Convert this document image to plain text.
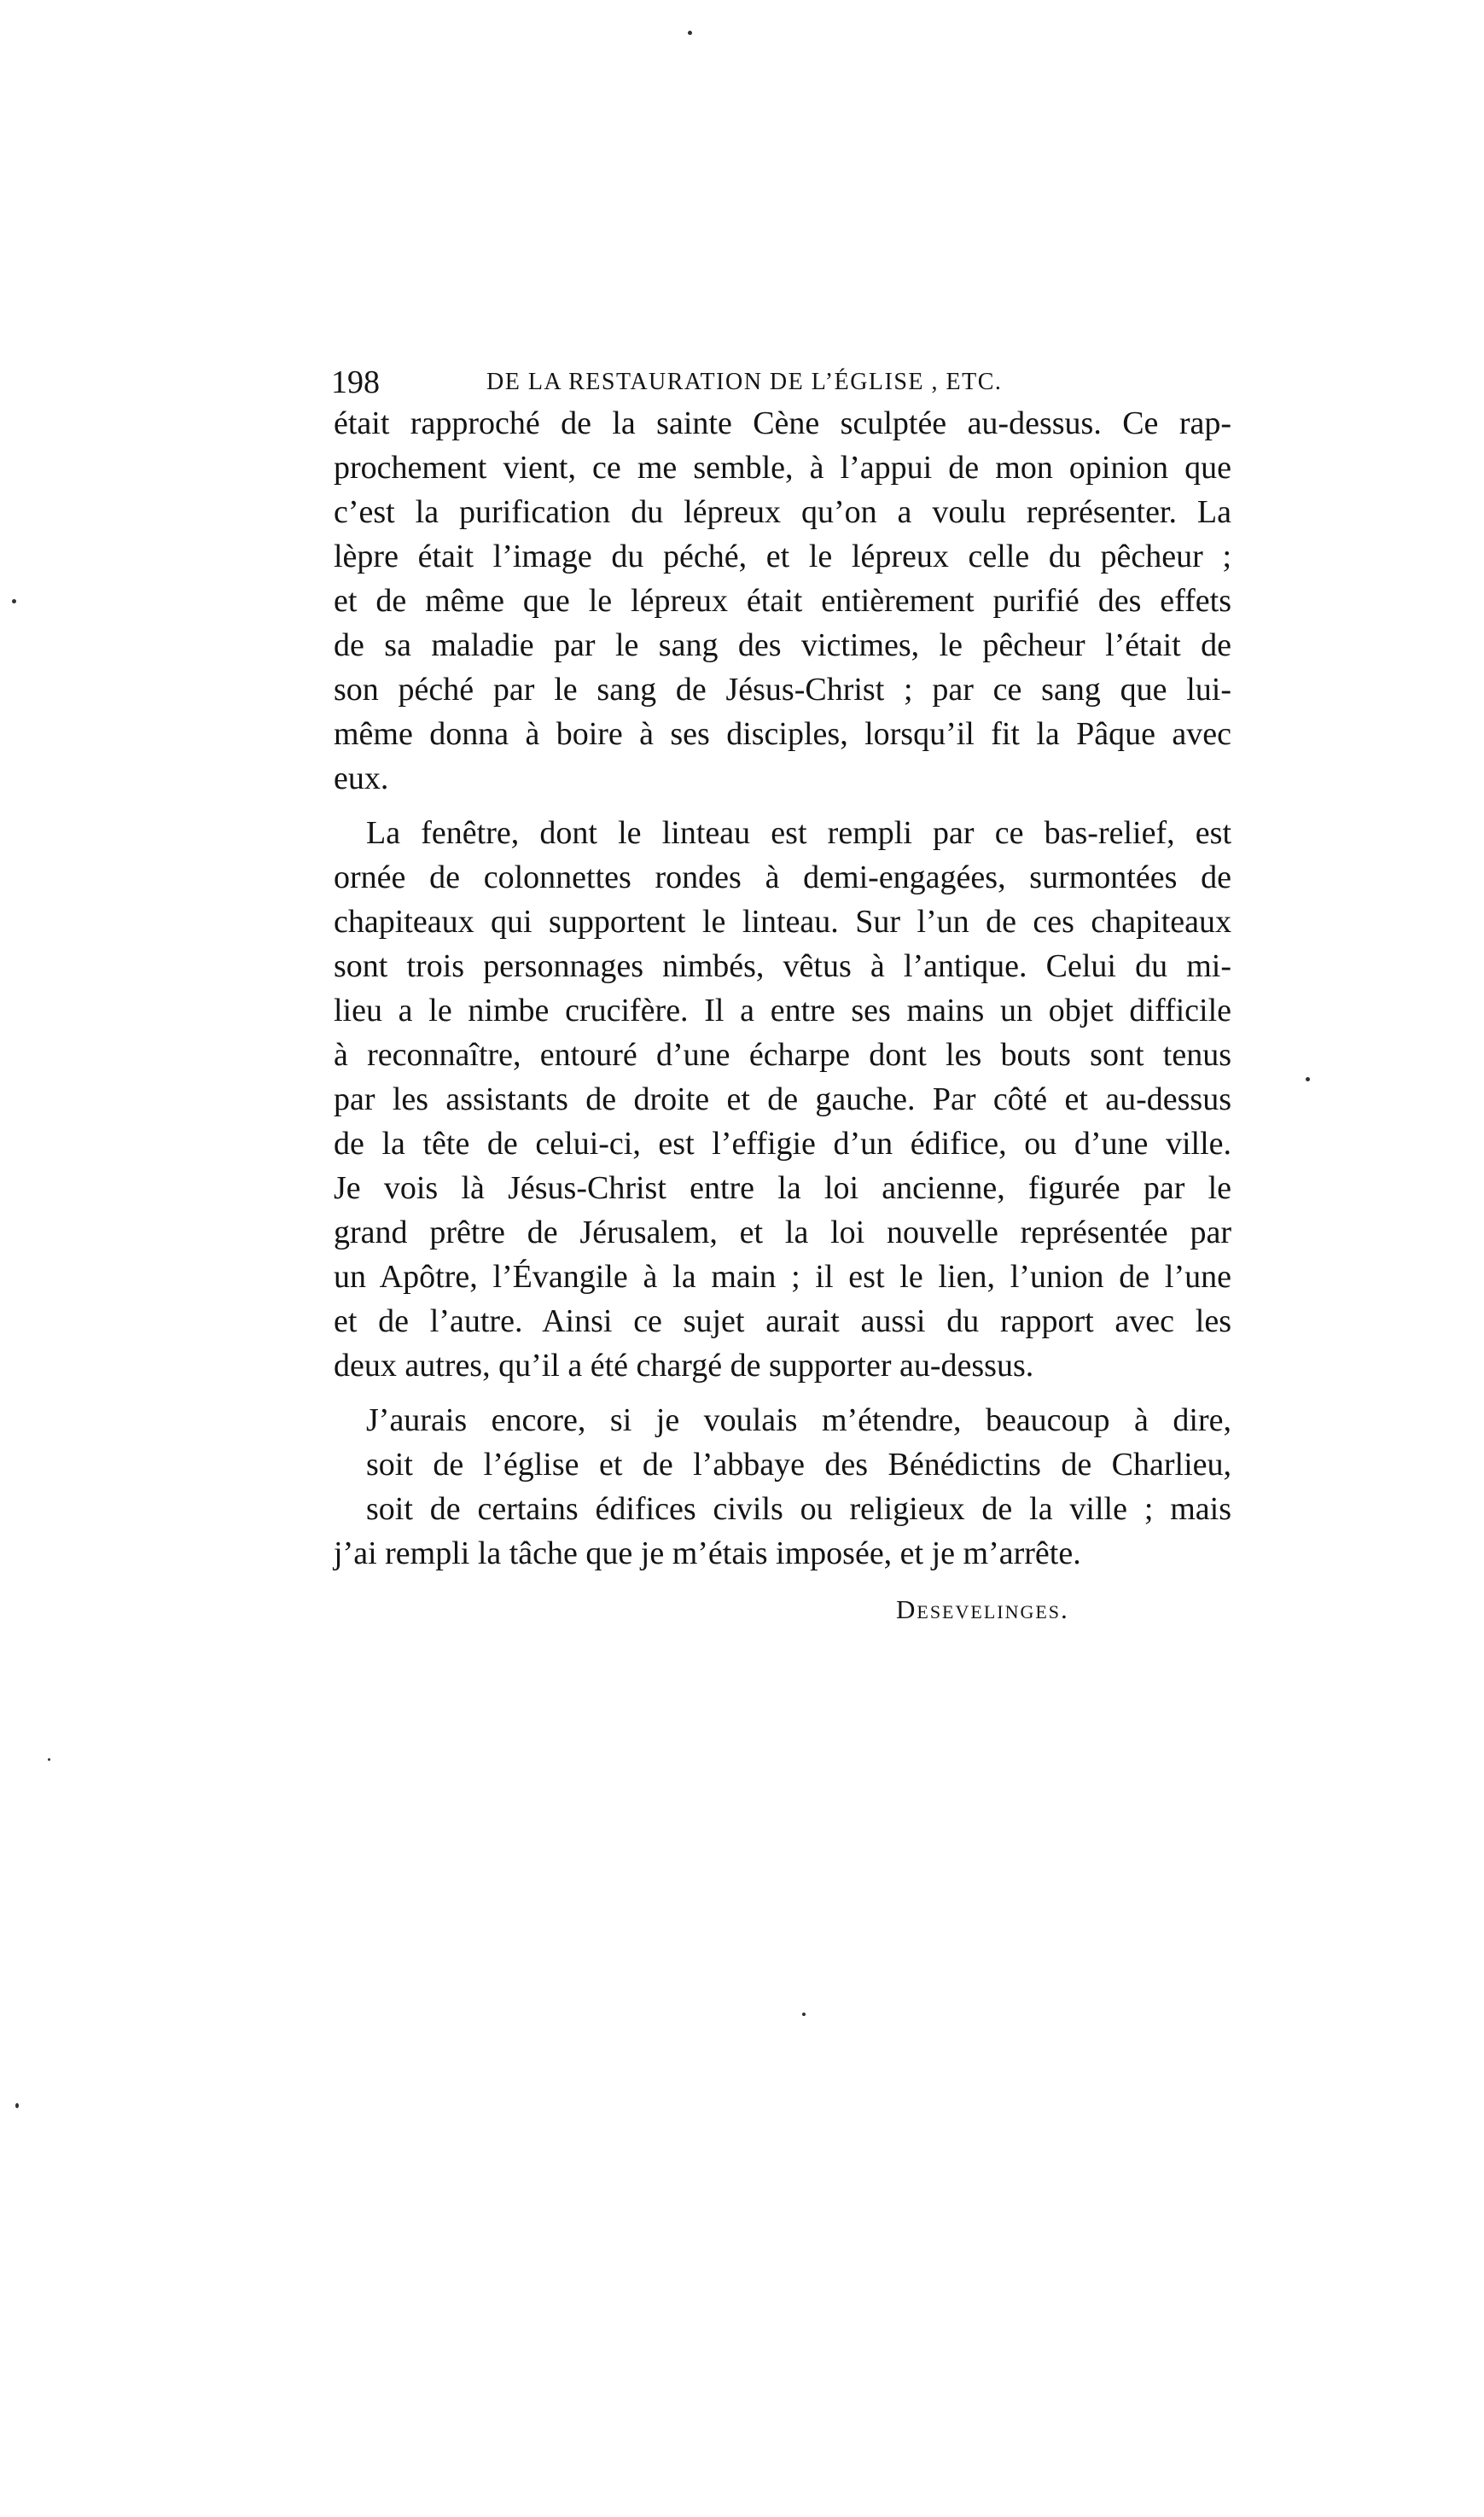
198	DE LA RESTAURATION DE L’ÉGLISE , ETC.
était rapproché de la sainte Cène sculptée au-dessus. Ce rap-
prochement vient, ce me semble, à l’appui de mon opinion que
c’est la purification du lépreux qu’on a voulu représenter. La
lèpre était l’image du péché, et le lépreux celle du pêcheur ;
et de même que le lépreux était entièrement purifié des effets
de sa maladie par le sang des victimes, le pêcheur l’était de
son péché par le sang de Jésus-Christ ; par ce sang que lui-
même donna à boire à ses disciples, lorsqu’il fit la Pâque avec
eux.
La fenêtre, dont le linteau est rempli par ce bas-relief, est
ornée de colonnettes rondes à demi-engagées, surmontées de
chapiteaux qui supportent le linteau. Sur l’un de ces chapiteaux
sont trois personnages nimbés, vêtus à l’antique. Celui du mi-
lieu a le nimbe crucifère. Il a entre ses mains un objet difficile
à reconnaître, entouré d’une écharpe dont les bouts sont tenus
par les assistants de droite et de gauche. Par côté et au-dessus
de la tête de celui-ci, est l’effigie d’un édifice, ou d’une ville.
Je vois là Jésus-Christ entre la loi ancienne, figurée par le
grand prêtre de Jérusalem, et la loi nouvelle représentée par
un Apôtre, l’Évangile à la main ; il est le lien, l’union de l’une
et de l’autre. Ainsi ce sujet aurait aussi du rapport avec les
deux autres, qu’il a été chargé de supporter au-dessus.
J’aurais encore, si je voulais m’étendre, beaucoup à dire,
soit de l’église et de l’abbaye des Bénédictins de Charlieu,
soit de certains édifices civils ou religieux de la ville ; mais
j’ai rempli la tâche que je m’étais imposée, et je m’arrête.
Desevelinges.
